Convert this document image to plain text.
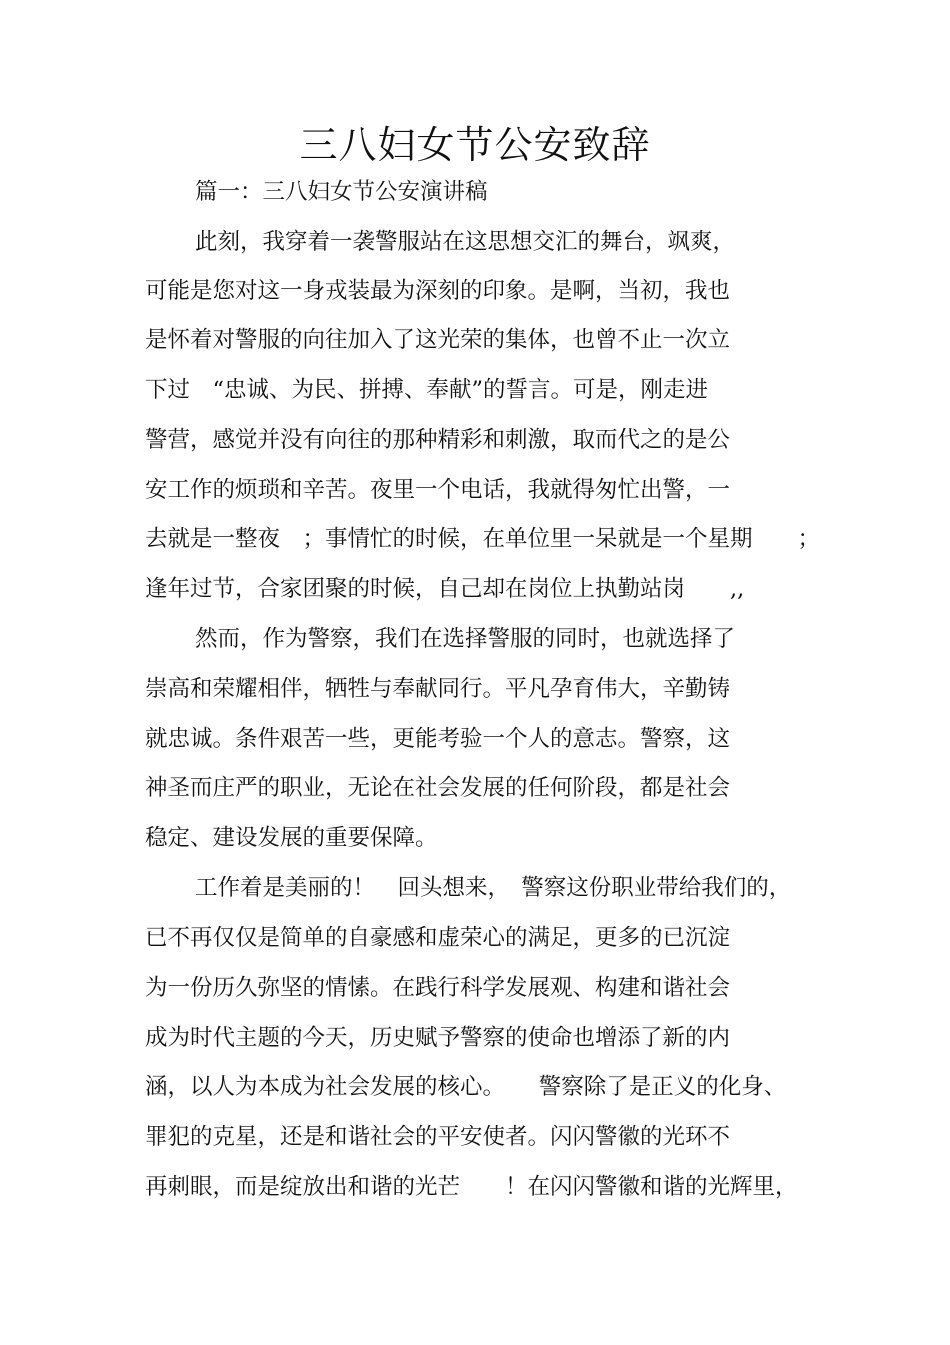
三八妇女节公安致辞
篇一：三八妇女节公安演讲稿
此刻，我穿着一袭警服站在这思想交汇的舞台，飒爽，
可能是您对这一身戎装最为深刻的印象。是啊，当初，我也
是怀着对警服的向往加入了这光荣的集体，也曾不止一次立
下过　“忠诚、为民、拼搏、奉献”的誓言。可是，刚走进
警营，感觉并没有向往的那种精彩和刺激，取而代之的是公
安工作的烦琐和辛苦。夜里一个电话，我就得匆忙出警，一
去就是一整夜　；事情忙的时候，在单位里一呆就是一个星期　　；
逢年过节，合家团聚的时候，自己却在岗位上执勤站岗　　,,
然而，作为警察，我们在选择警服的同时，也就选择了
崇高和荣耀相伴，牺牲与奉献同行。平凡孕育伟大，辛勤铸
就忠诚。条件艰苦一些，更能考验一个人的意志。警察，这
神圣而庄严的职业，无论在社会发展的任何阶段，都是社会
稳定、建设发展的重要保障。
工作着是美丽的！　回头想来，　警察这份职业带给我们的，
已不再仅仅是简单的自豪感和虚荣心的满足，更多的已沉淀
为一份历久弥坚的情愫。在践行科学发展观、构建和谐社会
成为时代主题的今天，历史赋予警察的使命也增添了新的内
涵，以人为本成为社会发展的核心。　　警察除了是正义的化身、
罪犯的克星，还是和谐社会的平安使者。闪闪警徽的光环不
再刺眼，而是绽放出和谐的光芒　　！在闪闪警徽和谐的光辉里，
